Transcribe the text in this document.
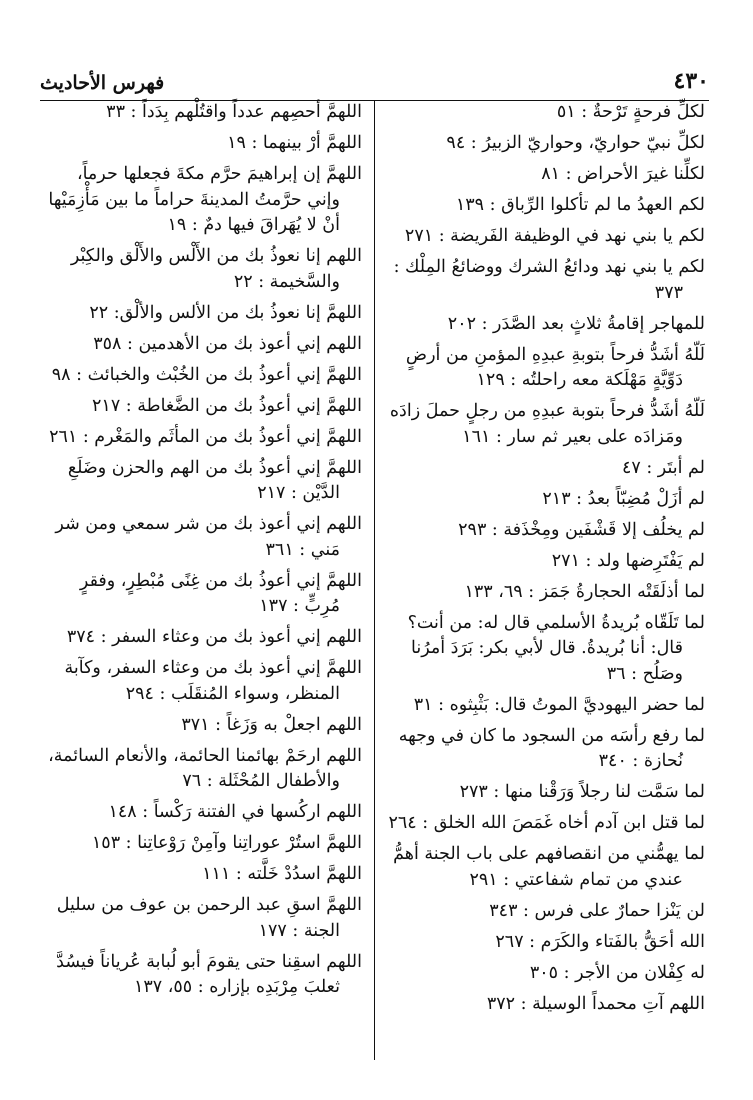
٤٣٠
فهرس الأحاديث

لكلِّ فرحةٍ تَرْحةٌ : ٥١

لكلِّ نبيّ حواريّ، وحواريّ الزبيرُ : ٩٤

لكلِّنا غيرَ الأحراض : ٨١

لكم العهدُ ما لم تأكلوا الرِّباق : ١٣٩

لكم يا بني نهد في الوظيفة الفَريضة : ٢٧١

لكم يا بني نهد ودائعُ الشرك ووضائعُ المِلْك : ٣٧٣

للمهاجر إقامةُ ثلاثٍ بعد الصَّدَر : ٢٠٢

لَلّهُ أشَدُّ فرحاً بتوبةِ عبدِهِ المؤمنِ من أرضٍ دَوِّيَّةٍ مَهْلَكة معه راحلتُه : ١٢٩

لَلّهُ أشَدُّ فرحاً بتوبة عبدِهِ من رجلٍ حملَ زادَه ومَزادَه على بعير ثم سار : ١٦١

لم أبتَر : ٤٧

لم أزَلْ مُضِبّاً بعدُ : ٢١٣

لم يخلُف إلا قَشْفَين ومِخْذَفة : ٢٩٣

لم يَفْتَرِضها ولد : ٢٧١

لما أذلَقَتْه الحجارةُ جَمَز : ٦٩، ١٣٣

لما تَلَقّاه بُريدةُ الأسلمي قال له: من أنت؟ قال: أنا بُريدةُ. قال لأبي بكر: بَرَدَ أمرُنا وصَلُح : ٣٦

لما حضر اليهوديَّ الموتُ قال: بَثْبِثوه : ٣١

لما رفع رأسَه من السجود ما كان في وجهه نُحازة : ٣٤٠

لما سَمَّت لنا رجلاً وَرَقْنا منها : ٢٧٣

لما قتل ابن آدم أخاه غَمَصَ الله الخلق : ٢٦٤

لما يهمُّني من انقصافهم على باب الجنة أهمُّ عندي من تمام شفاعتي : ٢٩١

لن يَنْزا حمارٌ على فرس : ٣٤٣

الله أحَقُّ بالفَتاء والكَرَم : ٢٦٧

له كِفْلان من الأجر : ٣٠٥

اللهم آتِ محمداً الوسيلة : ٣٧٢

اللهمَّ أحصِهم عدداً واقتُلْهم بِدَداً : ٣٣

اللهمَّ أرْ بينهما : ١٩

اللهمَّ إن إبراهيمَ حرَّم مكةَ فجعلها حرماً، وإني حرَّمتُ المدينةَ حراماً ما بين مَأْزِمَيْها أنْ لا يُهَراقَ فيها دمٌ : ١٩

اللهم إنا نعوذُ بك من الأَلْس والأَلْق والكِبْر والسَّخيمة : ٢٢

اللهمَّ إنا نعوذُ بك من الألس والألْق: ٢٢

اللهم إني أعوذ بك من الأهدمين : ٣٥٨

اللهمَّ إني أعوذُ بك من الخُبْث والخبائث : ٩٨

اللهمَّ إني أعوذُ بك من الضَّغاطة : ٢١٧

اللهمَّ إني أعوذُ بك من المأثَم والمَغْرم : ٢٦١

اللهمَّ إني أعوذُ بك من الهم والحزن وضَلَعِ الدَّيْن : ٢١٧

اللهم إني أعوذ بك من شر سمعي ومن شر مَني : ٣٦١

اللهمَّ إني أعوذُ بك من غِنًى مُبْطِرٍ، وفقرٍ مُرِبٍّ : ١٣٧

اللهم إني أعوذ بك من وعثاء السفر : ٣٧٤

اللهمَّ إني أعوذ بك من وعثاء السفر، وكآبة المنظر، وسواء المُنقَلَب : ٢٩٤

اللهم اجعلْ به وَزَغاً : ٣٧١

اللهم ارحَمْ بهائمنا الحائمة، والأنعام السائمة، والأطفال المُحْثَلة : ٧٦

اللهم اركُسها في الفتنة رَكْساً : ١٤٨

اللهمَّ استُرْ عوراتِنا وآمِنْ رَوْعاتِنا : ١٥٣

اللهمَّ اسدُدْ خَلَّته : ١١١

اللهمَّ اسقِ عبد الرحمن بن عوف من سليل الجنة : ١٧٧

اللهم اسقِنا حتى يقومَ أبو لُبابة عُرياناً فيسُدَّ ثعلبَ مِرْبَدِه بإزاره : ٥٥، ١٣٧
